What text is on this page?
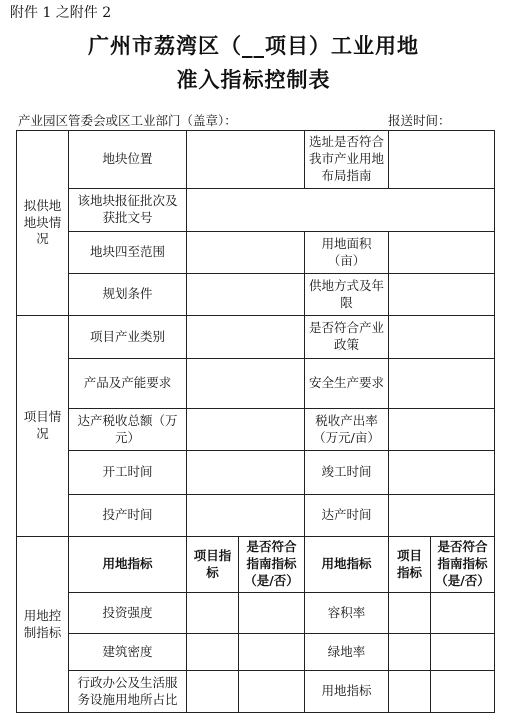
附件 1 之附件 2
广州市荔湾区（__项目）工业用地
准入指标控制表
产业园区管委会或区工业部门（盖章）：	报送时间：
拟供地地块情况	地块位置			选址是否符合我市产业用地布局指南		
	该地块报征批次及获批文号					
	地块四至范围			用地面积（亩）		
	规划条件			供地方式及年限		
项目情况	项目产业类别			是否符合产业政策		
	产品及产能要求			安全生产要求		
	达产税收总额（万元）			税收产出率（万元/亩）		
	开工时间			竣工时间		
	投产时间			达产时间		
用地控制指标	用地指标	项目指标	是否符合指南指标（是/否）	用地指标	项目指标	是否符合指南指标（是/否）
	投资强度			容积率		
	建筑密度			绿地率		
	行政办公及生活服务设施用地所占比			用地指标		
